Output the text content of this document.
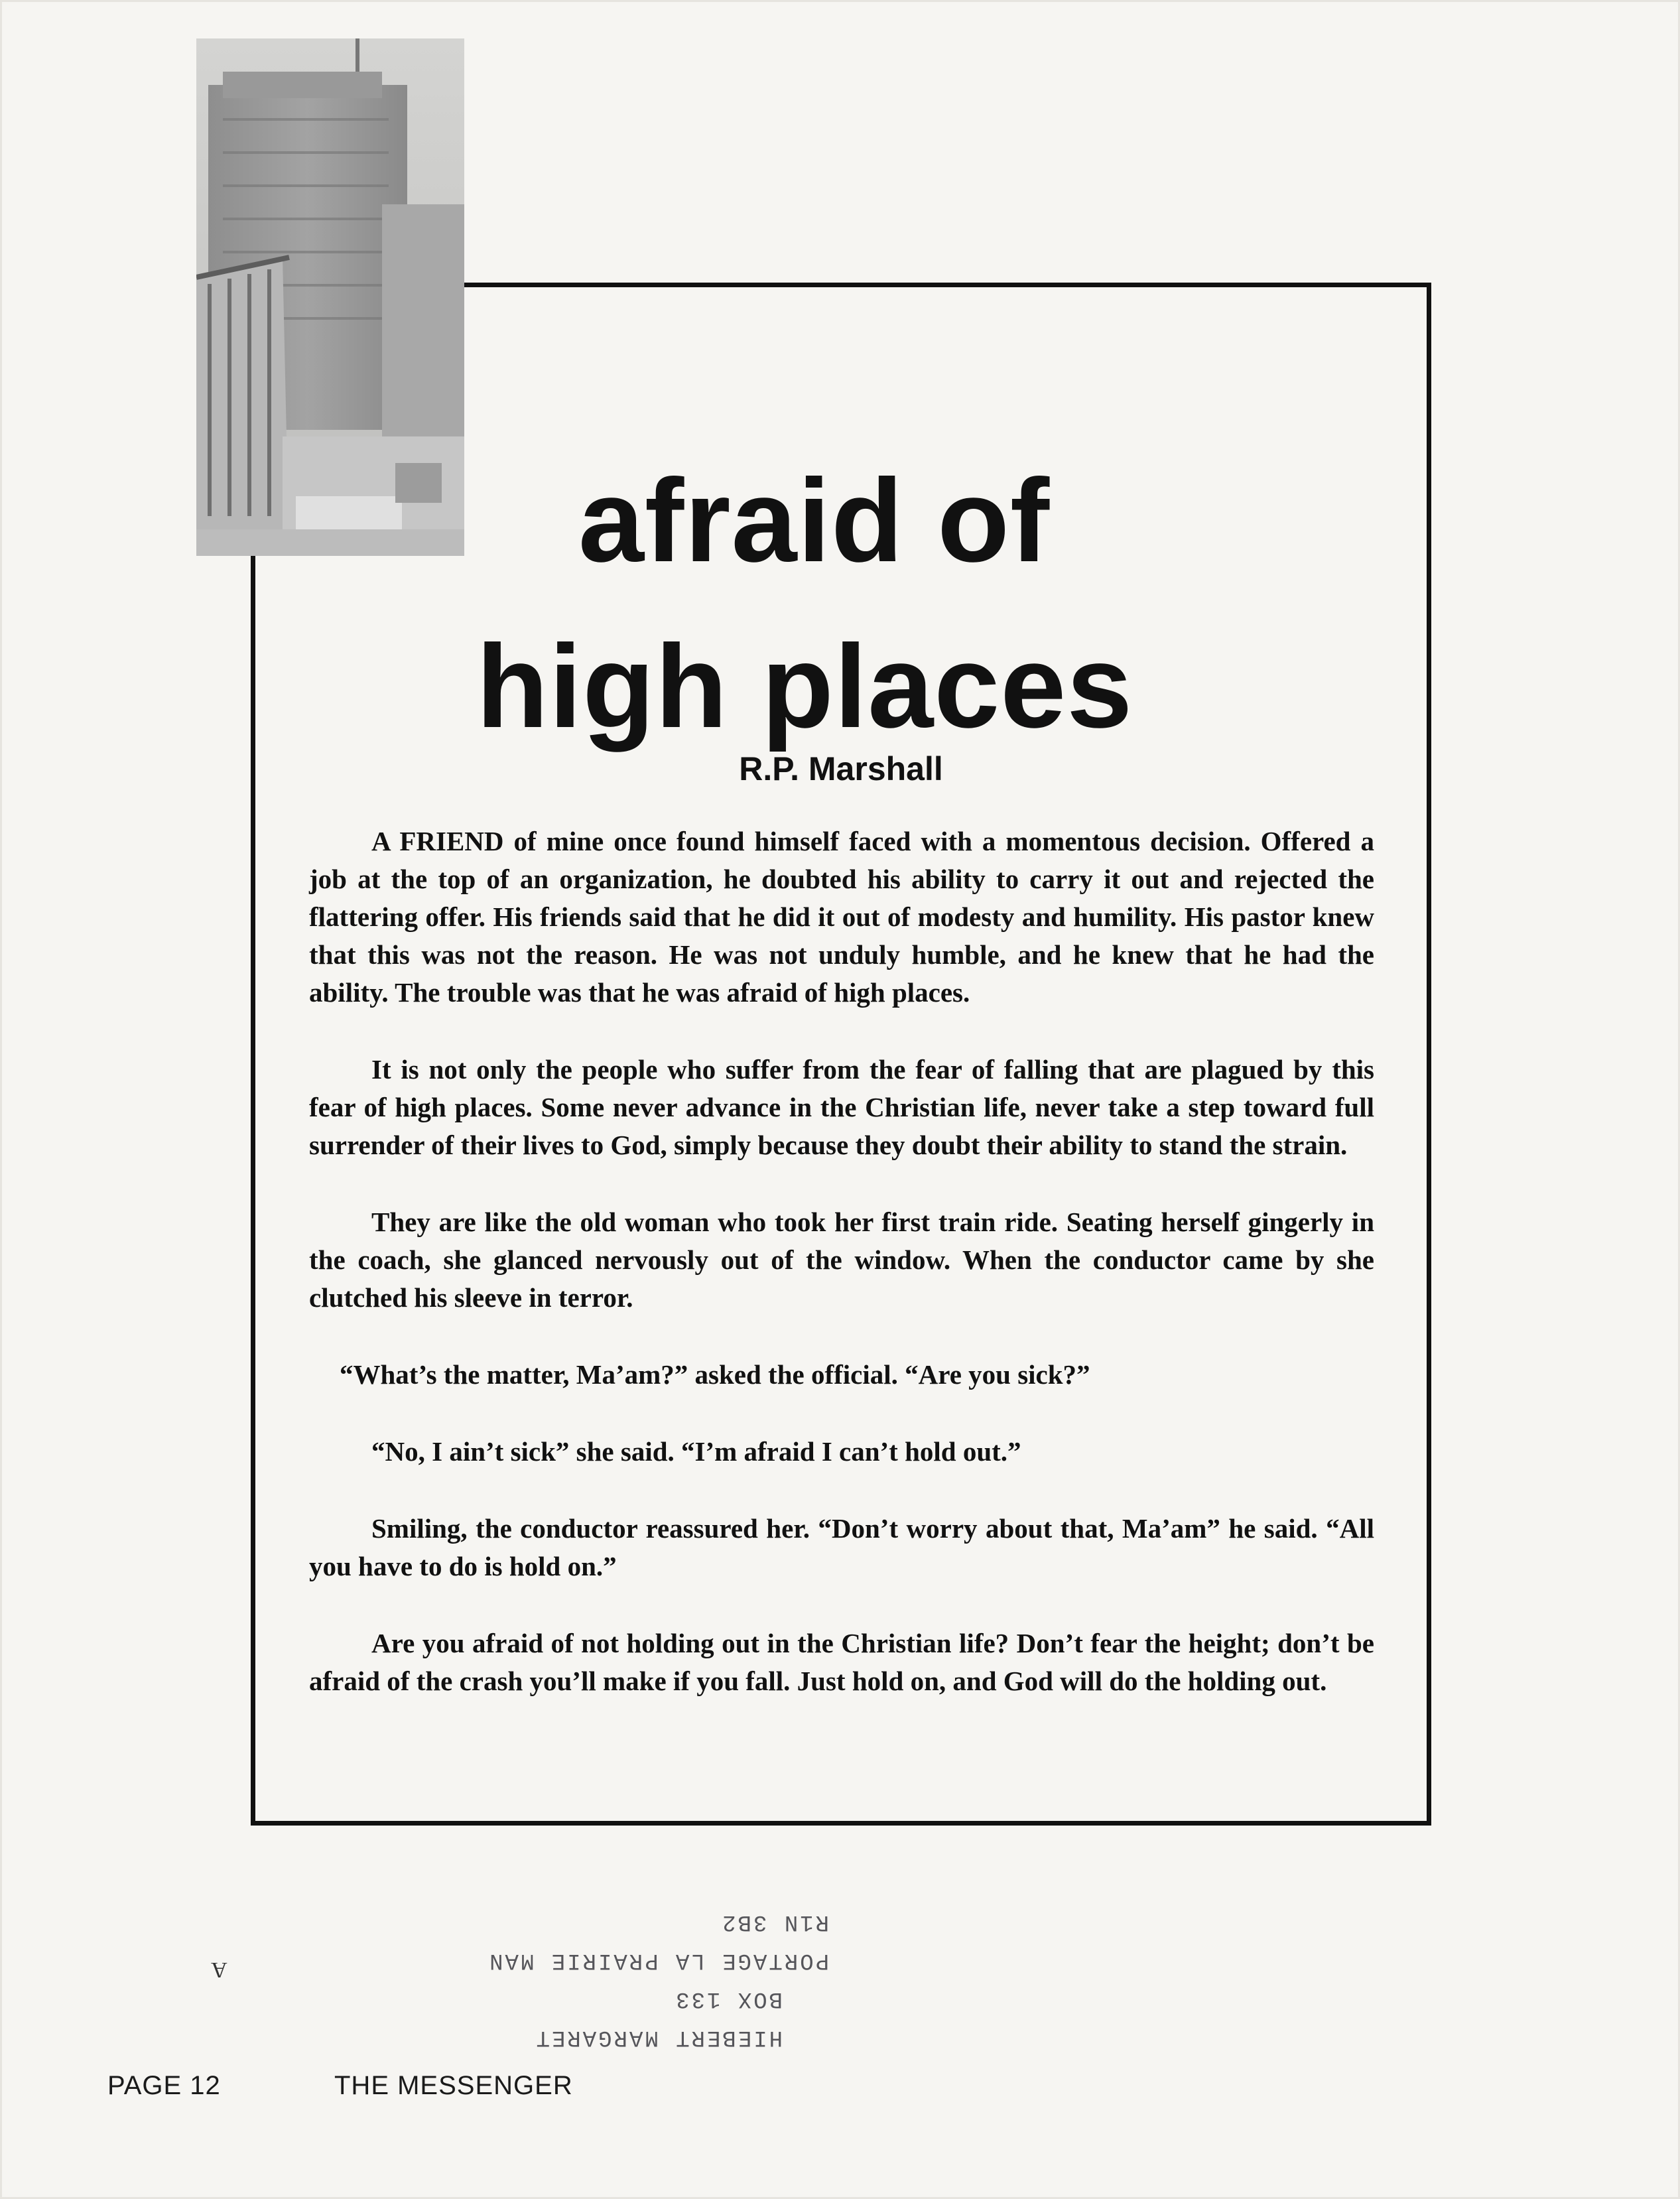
afraid of
high places
R.P. Marshall

A FRIEND of mine once found himself faced with a momentous decision. Offered a job at the top of an organization, he doubted his ability to carry it out and rejected the flattering offer. His friends said that he did it out of modesty and humility. His pastor knew that this was not the reason. He was not unduly humble, and he knew that he had the ability. The trouble was that he was afraid of high places.

It is not only the people who suffer from the fear of falling that are plagued by this fear of high places. Some never advance in the Christian life, never take a step toward full surrender of their lives to God, simply because they doubt their ability to stand the strain.

They are like the old woman who took her first train ride. Seating herself gingerly in the coach, she glanced nervously out of the window. When the conductor came by she clutched his sleeve in terror.

“What’s the matter, Ma’am?” asked the official. “Are you sick?”

“No, I ain’t sick” she said. “I’m afraid I can’t hold out.”

Smiling, the conductor reassured her. “Don’t worry about that, Ma’am” he said. “All you have to do is hold on.”

Are you afraid of not holding out in the Christian life? Don’t fear the height; don’t be afraid of the crash you’ll make if you fall. Just hold on, and God will do the holding out.

A
HIEBERT MARGARET
BOX 133
PORTAGE LA PRAIRIE MAN
R1N 3B2
PAGE 12	THE MESSENGER
